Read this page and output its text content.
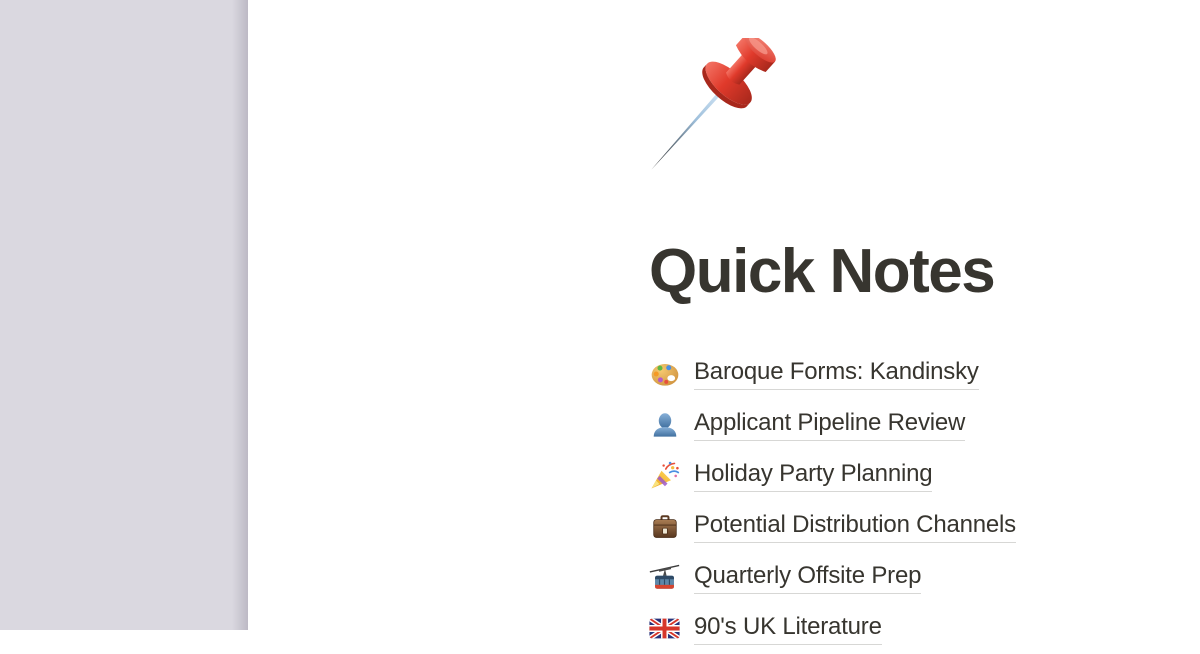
Quick Notes
Baroque Forms: Kandinsky
Applicant Pipeline Review
Holiday Party Planning
Potential Distribution Channels
Quarterly Offsite Prep
90's UK Literature
